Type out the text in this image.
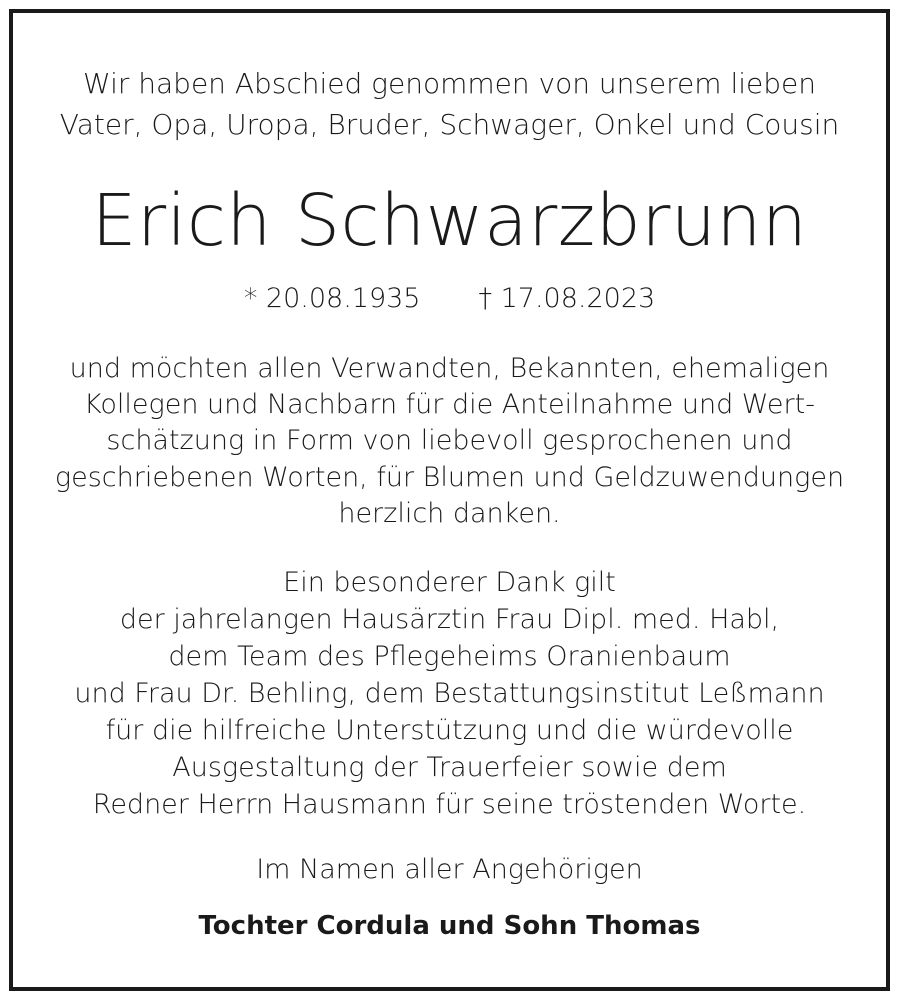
Wir haben Abschied genommen von unserem lieben
Vater, Opa, Uropa, Bruder, Schwager, Onkel und Cousin
Erich Schwarzbrunn
* 20.08.1935 † 17.08.2023
und möchten allen Verwandten, Bekannten, ehemaligen
Kollegen und Nachbarn für die Anteilnahme und Wert-
schätzung in Form von liebevoll gesprochenen und
geschriebenen Worten, für Blumen und Geldzuwendungen
herzlich danken.
Ein besonderer Dank gilt
der jahrelangen Hausärztin Frau Dipl. med. Habl,
dem Team des Pflegeheims Oranienbaum
und Frau Dr. Behling, dem Bestattungsinstitut Leßmann
für die hilfreiche Unterstützung und die würdevolle
Ausgestaltung der Trauerfeier sowie dem
Redner Herrn Hausmann für seine tröstenden Worte.
Im Namen aller Angehörigen
Tochter Cordula und Sohn Thomas
